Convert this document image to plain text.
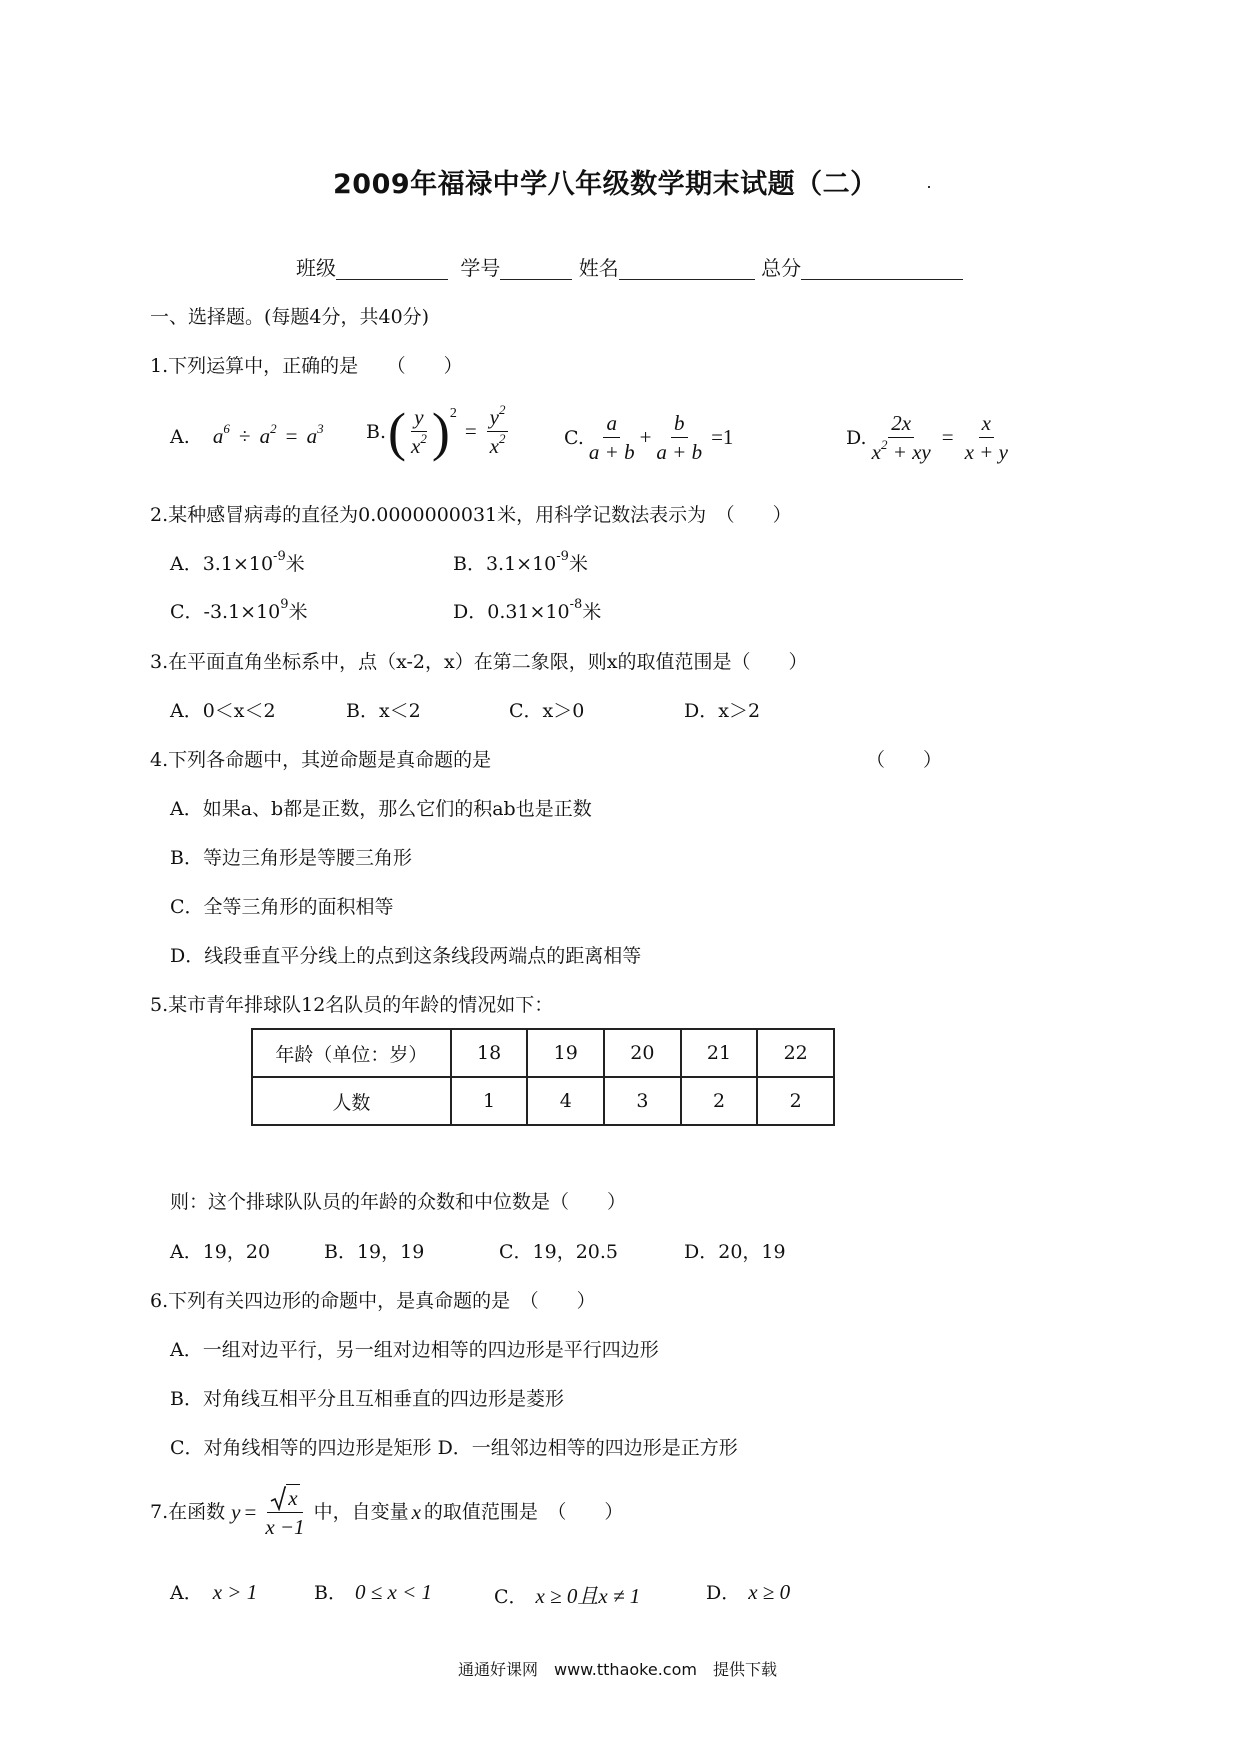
2009年福禄中学八年级数学期末试题（二）
班级	学号	姓名	总分
一、选择题。(每题4分，共40分)
1.下列运算中，正确的是　　（　　）
A. $a^6 \div a^2 = a^3$ B. ( $\frac{y}{x^2}$ ) 2
= $\frac{y^2}{x^2}$	C. $\frac{a}{a + b} + \frac{b}{a + b} =1$	D. $\frac{2x}{x^2 + xy} = \frac{x}{x + y}$
2.某种感冒病毒的直径为0.0000000031米，用科学记数法表示为　（　　）
A．$3.1\times 10^{-9}$米	B．$3.1\times 10^{-9}$米
C．$-3.1\times 10^9$米	D．$0.31\times 10^{-8}$米
3.在平面直角坐标系中，点（x-2，x）在第二象限，则x的取值范围是（　　）
A．0＜x＜2	B．x＜2	C．x＞0	D．x＞2
4.下列各命题中，其逆命题是真命题的是	（　　）
A．如果a、b都是正数，那么它们的积ab也是正数
B．等边三角形是等腰三角形
C．全等三角形的面积相等
D．线段垂直平分线上的点到这条线段两端点的距离相等
5.某市青年排球队12名队员的年龄的情况如下：
年龄（单位：岁）	18	19	20	21	22
人数	1	4	3	2	2
则：这个排球队队员的年龄的众数和中位数是（　　）
A．19，20	B．19，19	C．19，20.5	D．20，19
6.下列有关四边形的命题中，是真命题的是　（　　）
A．一组对边平行，另一组对边相等的四边形是平行四边形
B．对角线互相平分且互相垂直的四边形是菱形
C．对角线相等的四边形是矩形 D．一组邻边相等的四边形是正方形
7.在函数 $y = \frac{x}{x -1}$ 中，自变量 x 的取值范围是　（　　）
A． x > 1	B． 0 ≤ x < 1	C． x ≥ 0且x ≠ 1	D． x ≥ 0
通通好课网　www.tthaoke.com　提供下载
